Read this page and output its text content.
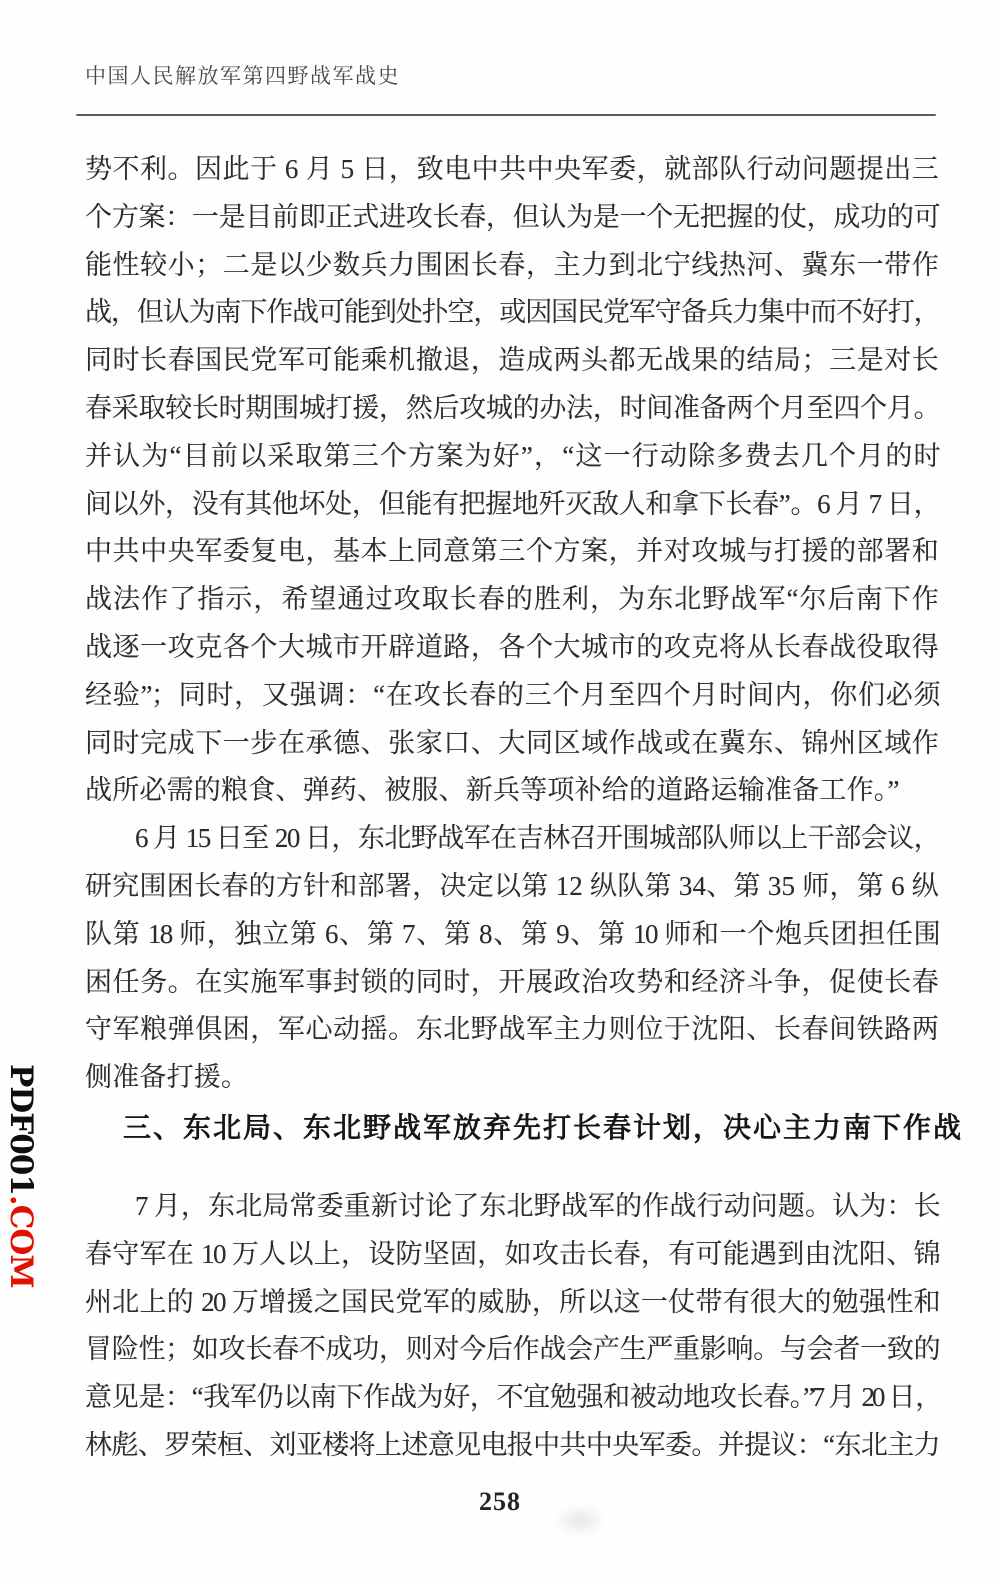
中国人民解放军第四野战军战史
势不利。因此于 6 月 5 日，致电中共中央军委，就部队行动问题提出三
个方案：一是目前即正式进攻长春，但认为是一个无把握的仗，成功的可
能性较小；二是以少数兵力围困长春，主力到北宁线热河、冀东一带作
战，但认为南下作战可能到处扑空，或因国民党军守备兵力集中而不好打，
同时长春国民党军可能乘机撤退，造成两头都无战果的结局；三是对长
春采取较长时期围城打援，然后攻城的办法，时间准备两个月至四个月。
并认为“目前以采取第三个方案为好”，“这一行动除多费去几个月的时
间以外，没有其他坏处，但能有把握地歼灭敌人和拿下长春”。6 月 7 日，
中共中央军委复电，基本上同意第三个方案，并对攻城与打援的部署和
战法作了指示，希望通过攻取长春的胜利，为东北野战军“尔后南下作
战逐一攻克各个大城市开辟道路，各个大城市的攻克将从长春战役取得
经验”；同时，又强调：“在攻长春的三个月至四个月时间内，你们必须
同时完成下一步在承德、张家口、大同区域作战或在冀东、锦州区域作
战所必需的粮食、弹药、被服、新兵等项补给的道路运输准备工作。”
6 月 15 日至 20 日，东北野战军在吉林召开围城部队师以上干部会议，
研究围困长春的方针和部署，决定以第 12 纵队第 34、第 35 师，第 6 纵
队第 18 师，独立第 6、第 7、第 8、第 9、第 10 师和一个炮兵团担任围
困任务。在实施军事封锁的同时，开展政治攻势和经济斗争，促使长春
守军粮弹俱困，军心动摇。东北野战军主力则位于沈阳、长春间铁路两
侧准备打援。
三、东北局、东北野战军放弃先打长春计划，决心主力南下作战
7 月，东北局常委重新讨论了东北野战军的作战行动问题。认为：长
春守军在 10 万人以上，设防坚固，如攻击长春，有可能遇到由沈阳、锦
州北上的 20 万增援之国民党军的威胁，所以这一仗带有很大的勉强性和
冒险性；如攻长春不成功，则对今后作战会产生严重影响。与会者一致的
意见是：“我军仍以南下作战为好，不宜勉强和被动地攻长春。”7 月 20 日，
林彪、罗荣桓、刘亚楼将上述意见电报中共中央军委。并提议：“东北主力
258
PDF001.COM
